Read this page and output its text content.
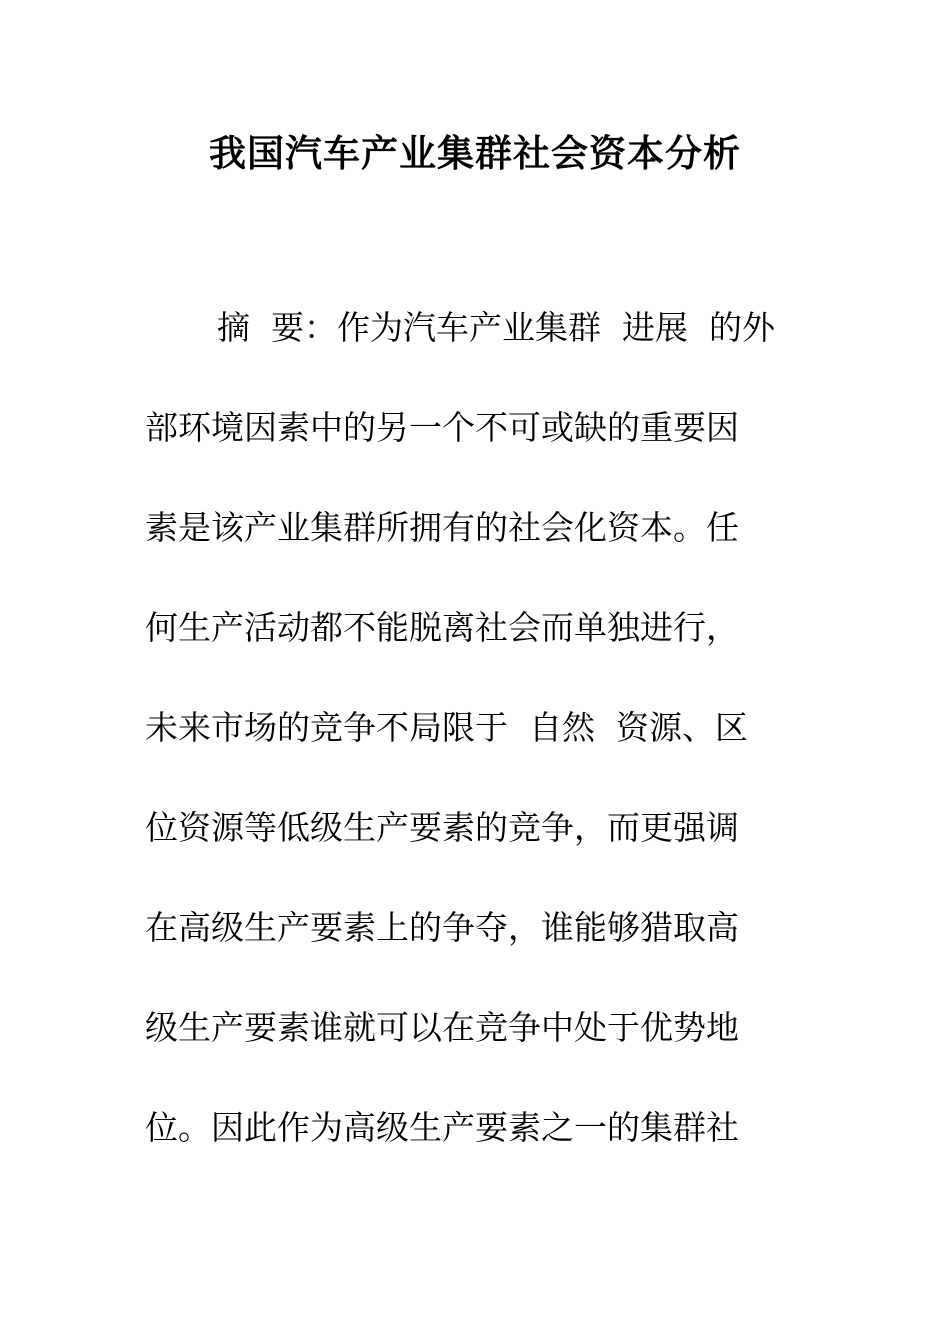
我国汽车产业集群社会资本分析
摘  要：作为汽车产业集群  进展  的外
部环境因素中的另一个不可或缺的重要因
素是该产业集群所拥有的社会化资本。任
何生产活动都不能脱离社会而单独进行，
未来市场的竞争不局限于  自然  资源、区
位资源等低级生产要素的竞争，而更强调
在高级生产要素上的争夺，谁能够猎取高
级生产要素谁就可以在竞争中处于优势地
位。因此作为高级生产要素之一的集群社
